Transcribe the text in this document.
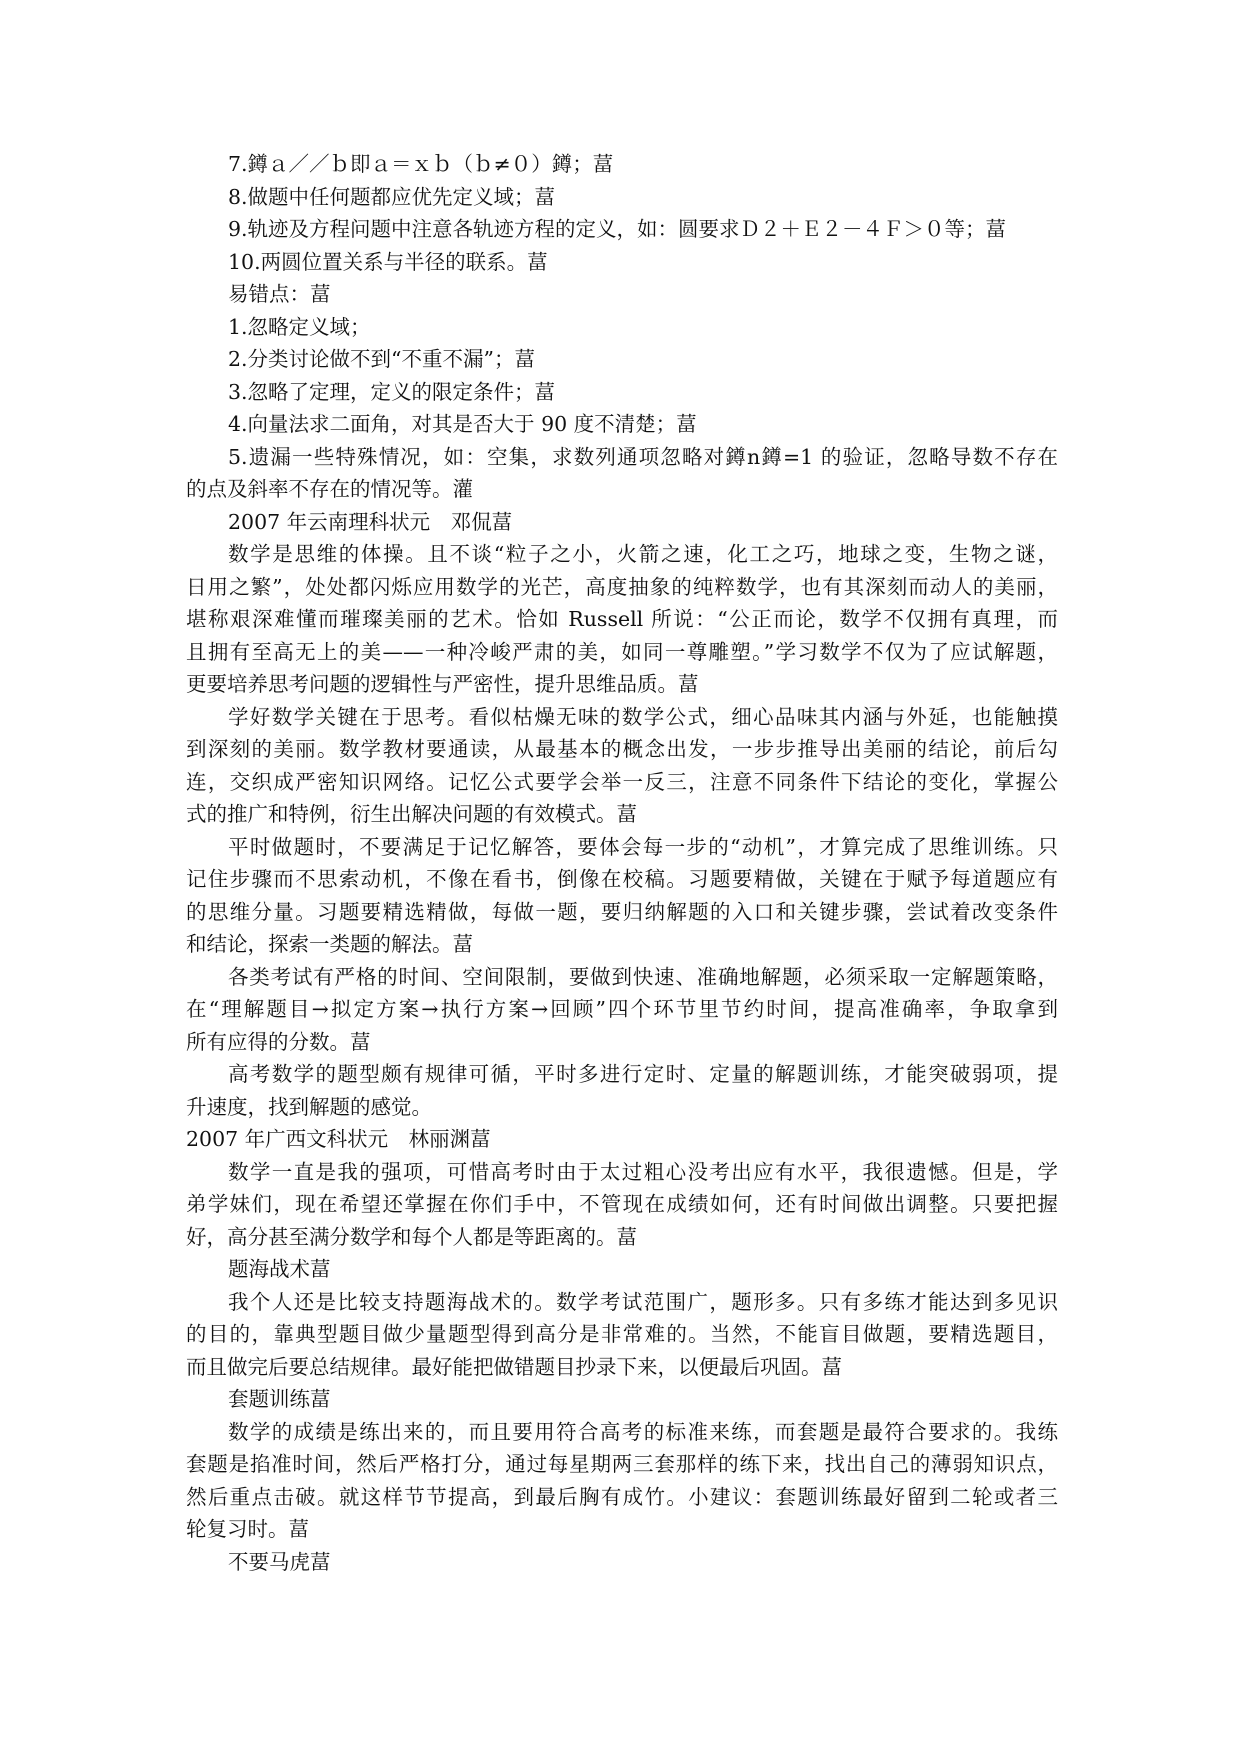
7.鐏ａ／／ｂ即ａ＝ｘｂ（ｂ≠０）鐏；葍
8.做题中任何题都应优先定义域；葍
9.轨迹及方程问题中注意各轨迹方程的定义，如：圆要求Ｄ２＋Ｅ２－４Ｆ＞０等；葍
10.两圆位置关系与半径的联系。葍
易错点：葍
1.忽略定义域；
2.分类讨论做不到“不重不漏”；葍
3.忽略了定理，定义的限定条件；葍
4.向量法求二面角，对其是否大于 90 度不清楚；葍
5.遗漏一些特殊情况，如：空集，求数列通项忽略对鐏n鐏=1 的验证，忽略导数不存在
的点及斜率不存在的情况等。灌
2007 年云南理科状元　邓侃葍
数学是思维的体操。且不谈“粒子之小，火箭之速，化工之巧，地球之变，生物之谜，
日用之繁”，处处都闪烁应用数学的光芒，高度抽象的纯粹数学，也有其深刻而动人的美丽，
堪称艰深难懂而璀璨美丽的艺术。恰如 Russell 所说：“公正而论，数学不仅拥有真理，而
且拥有至高无上的美——一种冷峻严肃的美，如同一尊雕塑。”学习数学不仅为了应试解题，
更要培养思考问题的逻辑性与严密性，提升思维品质。葍
学好数学关键在于思考。看似枯燥无味的数学公式，细心品味其内涵与外延，也能触摸
到深刻的美丽。数学教材要通读，从最基本的概念出发，一步步推导出美丽的结论，前后勾
连，交织成严密知识网络。记忆公式要学会举一反三，注意不同条件下结论的变化，掌握公
式的推广和特例，衍生出解决问题的有效模式。葍
平时做题时，不要满足于记忆解答，要体会每一步的“动机”，才算完成了思维训练。只
记住步骤而不思索动机，不像在看书，倒像在校稿。习题要精做，关键在于赋予每道题应有
的思维分量。习题要精选精做，每做一题，要归纳解题的入口和关键步骤，尝试着改变条件
和结论，探索一类题的解法。葍
各类考试有严格的时间、空间限制，要做到快速、准确地解题，必须采取一定解题策略，
在“理解题目→拟定方案→执行方案→回顾”四个环节里节约时间，提高准确率，争取拿到
所有应得的分数。葍
高考数学的题型颇有规律可循，平时多进行定时、定量的解题训练，才能突破弱项，提
升速度，找到解题的感觉。
2007 年广西文科状元　林丽渊葍
数学一直是我的强项，可惜高考时由于太过粗心没考出应有水平，我很遗憾。但是，学
弟学妹们，现在希望还掌握在你们手中，不管现在成绩如何，还有时间做出调整。只要把握
好，高分甚至满分数学和每个人都是等距离的。葍
题海战术葍
我个人还是比较支持题海战术的。数学考试范围广，题形多。只有多练才能达到多见识
的目的，靠典型题目做少量题型得到高分是非常难的。当然，不能盲目做题，要精选题目，
而且做完后要总结规律。最好能把做错题目抄录下来，以便最后巩固。葍
套题训练葍
数学的成绩是练出来的，而且要用符合高考的标准来练，而套题是最符合要求的。我练
套题是掐准时间，然后严格打分，通过每星期两三套那样的练下来，找出自己的薄弱知识点，
然后重点击破。就这样节节提高，到最后胸有成竹。小建议：套题训练最好留到二轮或者三
轮复习时。葍
不要马虎葍
